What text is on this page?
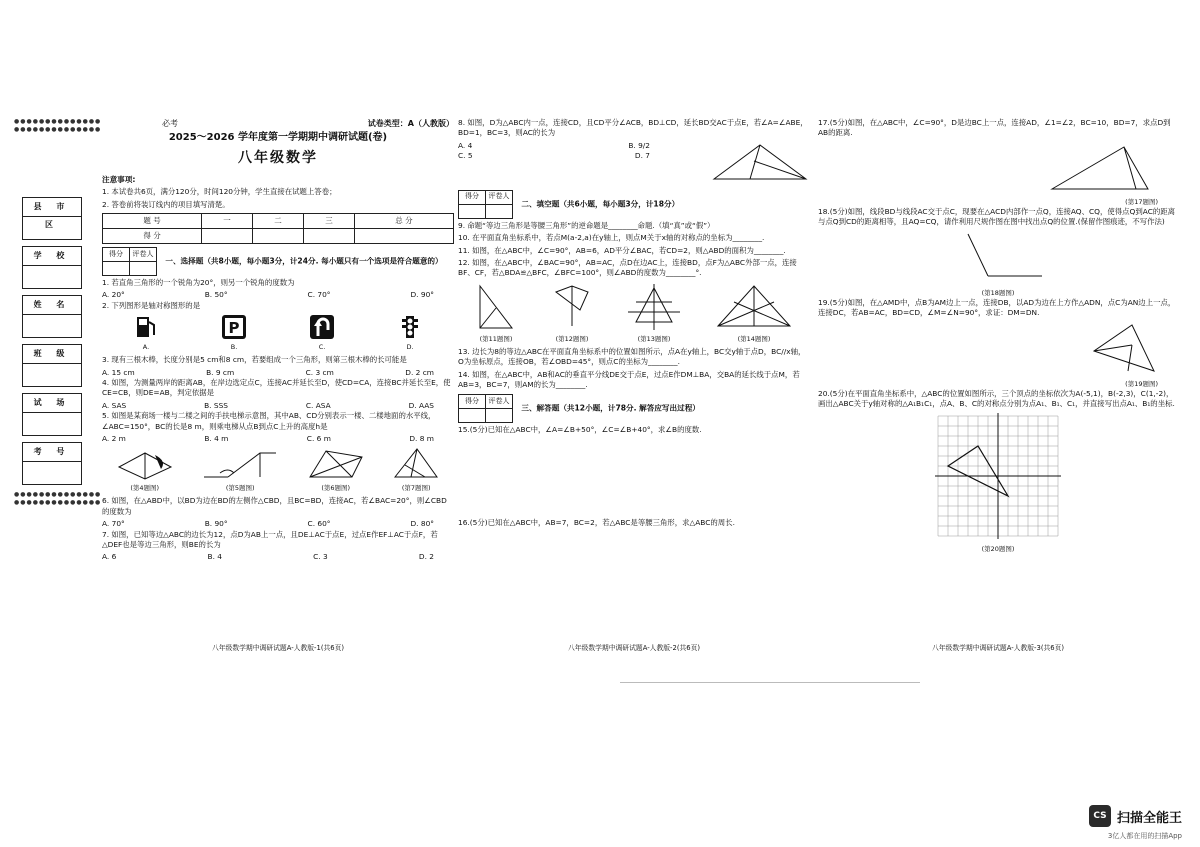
●●●●●●●●●●●●●●
●●●●●●●●●●●●●●
县 市 区
学 校
姓 名
班 级
试 场
考 号
●●●●●●●●●●●●●●
●●●●●●●●●●●●●●
必考	试卷类型：A（人教版）
2025～2026 学年度第一学期期中调研试题(卷)
八年级数学

注意事项:

1. 本试卷共6页，满分120分，时间120分钟，学生直接在试题上答卷；

2. 答卷前将装订线内的项目填写清楚。

题 号	一	二	三	总 分
得 分				

得分	评卷人
	一、选择题（共8小题，每小题3分，计24分. 每小题只有一个选项是符合题意的）

1. 若直角三角形的一个锐角为20°，则另一个锐角的度数为

A. 20°	B. 50°	C. 70°	D. 90°

2. 下列图形是轴对称图形的是

A.
P
B.	C.	D.

3. 现有三根木棒，长度分别是5 cm和8 cm，若要组成一个三角形，则第三根木棒的长可能是

A. 15 cm	B. 9 cm	C. 3 cm	D. 2 cm

4. 如图，为测量两岸的距离AB，在岸边选定点C，连接AC并延长至D，使CD=CA，连接BC并延长至E，使CE=CB，则DE=AB，判定依据是

A. SAS	B. SSS	C. ASA	D. AAS

5. 如图是某商场一楼与二楼之间的手扶电梯示意图，其中AB、CD分别表示一楼、二楼地面的水平线，∠ABC=150°，BC的长是8 m，则乘电梯从点B到点C上升的高度h是

A. 2 m	B. 4 m	C. 6 m	D. 8 m
(第4题图)	(第5题图)	(第6题图)	(第7题图)

6. 如图，在△ABD中，以BD为边在BD的左侧作△CBD，且BC=BD，连接AC，若∠BAC=20°，则∠CBD的度数为

A. 70°	B. 90°	C. 60°	D. 80°

7. 如图，已知等边△ABC的边长为12，点D为AB上一点，且DE⊥AC于点E，过点E作EF⊥AC于点F，若△DEF也是等边三角形，则BE的长为

A. 6	B. 4	C. 3	D. 2
八年级数学期中调研试题A-人教版-1(共6页)

8. 如图，D为△ABC内一点，连接CD，且CD平分∠ACB，BD⊥CD，延长BD交AC于点E，若∠A=∠ABE，BD=1，BC=3，则AC的长为

A. 4	B. 9/2
C. 5	D. 7

得分	评卷人
	二、填空题（共6小题，每小题3分，计18分）

9. 命题“等边三角形是等腰三角形”的逆命题是________命题.（填“真”或“假”）

10. 在平面直角坐标系中，若点M(a-2,a)在y轴上，则点M关于x轴的对称点的坐标为________.

11. 如图，在△ABC中，∠C=90°，AB=6，AD平分∠BAC，若CD=2，则△ABD的面积为________.

12. 如图，在△ABC中，∠BAC=90°，AB=AC，点D在边AC上，连接BD，点F为△ABC外部一点，连接BF、CF，若△BDA≌△BFC，∠BFC=100°，则∠ABD的度数为________°.

(第11题图)	(第12题图)	(第13题图)	(第14题图)

13. 边长为8的等边△ABC在平面直角坐标系中的位置如图所示，点A在y轴上，BC交y轴于点D，BC//x轴，O为坐标原点，连接OB，若∠OBD=45°，则点C的坐标为________.

14. 如图，在△ABC中，AB和AC的垂直平分线DE交于点E，过点E作DM⊥BA，交BA的延长线于点M，若AB=3，BC=7，则AM的长为________.

得分	评卷人
	三、解答题（共12小题，计78分. 解答应写出过程）

15.(5分)已知在△ABC中，∠A=∠B+50°，∠C=∠B+40°，求∠B的度数.

16.(5分)已知在△ABC中，AB=7，BC=2，若△ABC是等腰三角形，求△ABC的周长.

八年级数学期中调研试题A-人教版-2(共6页)

17.(5分)如图，在△ABC中，∠C=90°，D是边BC上一点，连接AD，∠1=∠2，BC=10，BD=7，求点D到AB的距离.

(第17题图)

18.(5分)如图，线段BD与线段AC交于点C，现要在△ACD内部作一点Q，连接AQ、CQ，使得点Q到AC的距离与点Q到CD的距离相等，且AQ=CQ，请作利用尺规作图在图中找出点Q的位置.(保留作图痕迹，不写作法)

(第18题图)

19.(5分)如图，在△AMD中，点B为AM边上一点，连接DB，以AD为边在上方作△ADN，点C为AN边上一点，连接DC，若AB=AC，BD=CD，∠M=∠N=90°，求证：DM=DN.

(第19题图)

20.(5分)在平面直角坐标系中，△ABC的位置如图所示，三个顶点的坐标依次为A(-5,1)，B(-2,3)，C(1,-2)，画出△ABC关于y轴对称的△A₁B₁C₁，点A、B、C的对称点分别为点A₁、B₁、C₁，并直接写出点A₁、B₁的坐标.

(第20题图)
八年级数学期中调研试题A-人教版-3(共6页)
CS 扫描全能王
3亿人都在用的扫描App
